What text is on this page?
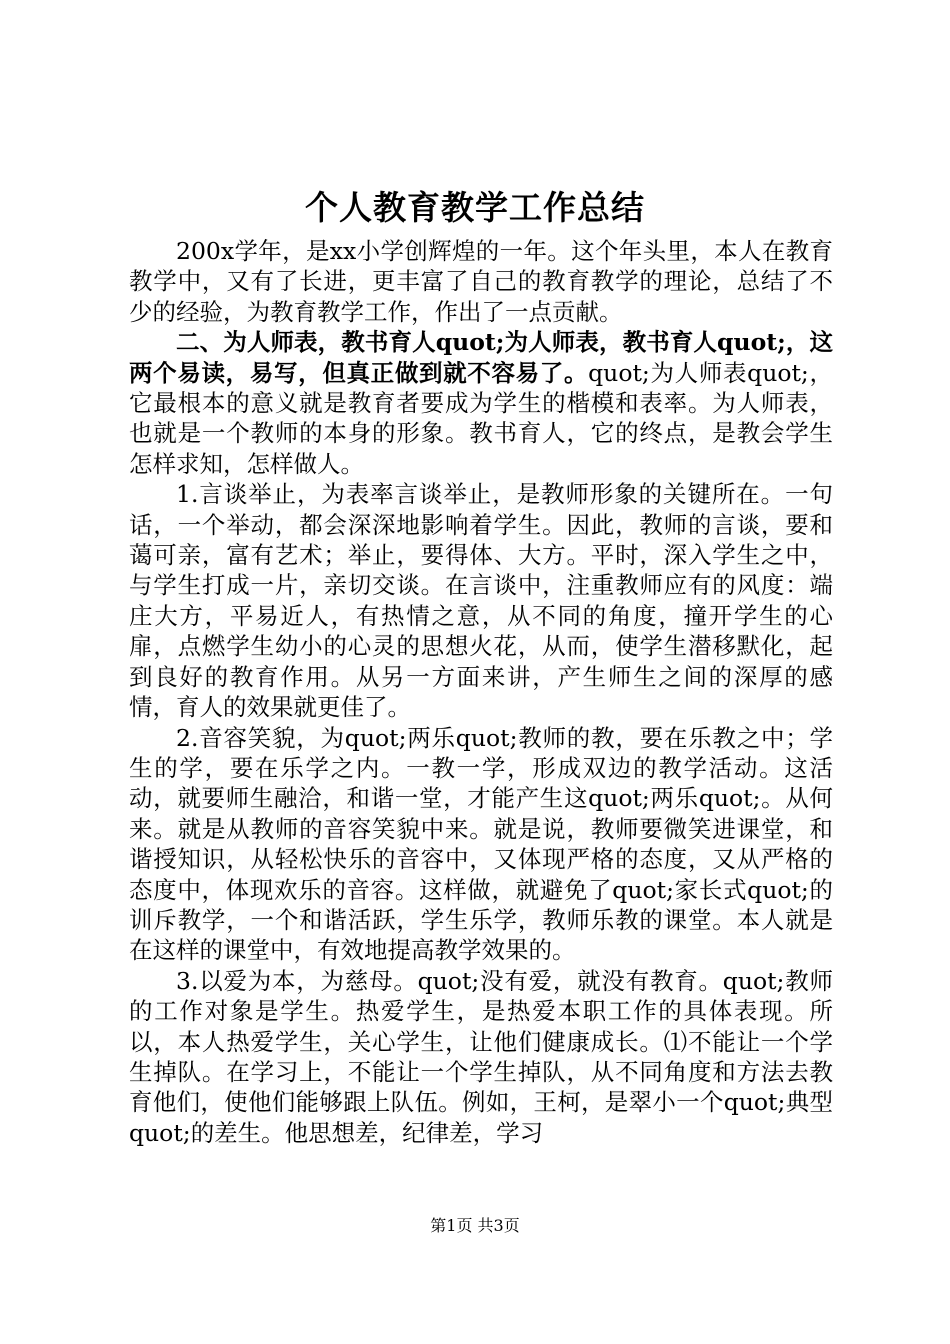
个人教育教学工作总结

200x学年，是xx小学创辉煌的一年。这个年头里，本人在教育教学中，又有了长进，更丰富了自己的教育教学的理论，总结了不少的经验，为教育教学工作，作出了一点贡献。

二、为人师表，教书育人quot;为人师表，教书育人quot;，这两个易读，易写，但真正做到就不容易了。quot;为人师表quot;，它最根本的意义就是教育者要成为学生的楷模和表率。为人师表，也就是一个教师的本身的形象。教书育人，它的终点，是教会学生怎样求知，怎样做人。

1.言谈举止，为表率言谈举止，是教师形象的关键所在。一句话，一个举动，都会深深地影响着学生。因此，教师的言谈，要和蔼可亲，富有艺术；举止，要得体、大方。平时，深入学生之中，与学生打成一片，亲切交谈。在言谈中，注重教师应有的风度：端庄大方，平易近人，有热情之意，从不同的角度，撞开学生的心扉，点燃学生幼小的心灵的思想火花，从而，使学生潜移默化，起到良好的教育作用。从另一方面来讲，产生师生之间的深厚的感情，育人的效果就更佳了。

2.音容笑貌，为quot;两乐quot;教师的教，要在乐教之中；学生的学，要在乐学之内。一教一学，形成双边的教学活动。这活动，就要师生融洽，和谐一堂，才能产生这quot;两乐quot;。从何来。就是从教师的音容笑貌中来。就是说，教师要微笑进课堂，和谐授知识，从轻松快乐的音容中，又体现严格的态度，又从严格的态度中，体现欢乐的音容。这样做，就避免了quot;家长式quot;的训斥教学，一个和谐活跃，学生乐学，教师乐教的课堂。本人就是在这样的课堂中，有效地提高教学效果的。

3.以爱为本，为慈母。quot;没有爱，就没有教育。quot;教师的工作对象是学生。热爱学生，是热爱本职工作的具体表现。所以，本人热爱学生，关心学生，让他们健康成长。⑴不能让一个学生掉队。在学习上，不能让一个学生掉队，从不同角度和方法去教育他们，使他们能够跟上队伍。例如，王柯，是翠小一个quot;典型quot;的差生。他思想差，纪律差，学习

第1页 共3页
